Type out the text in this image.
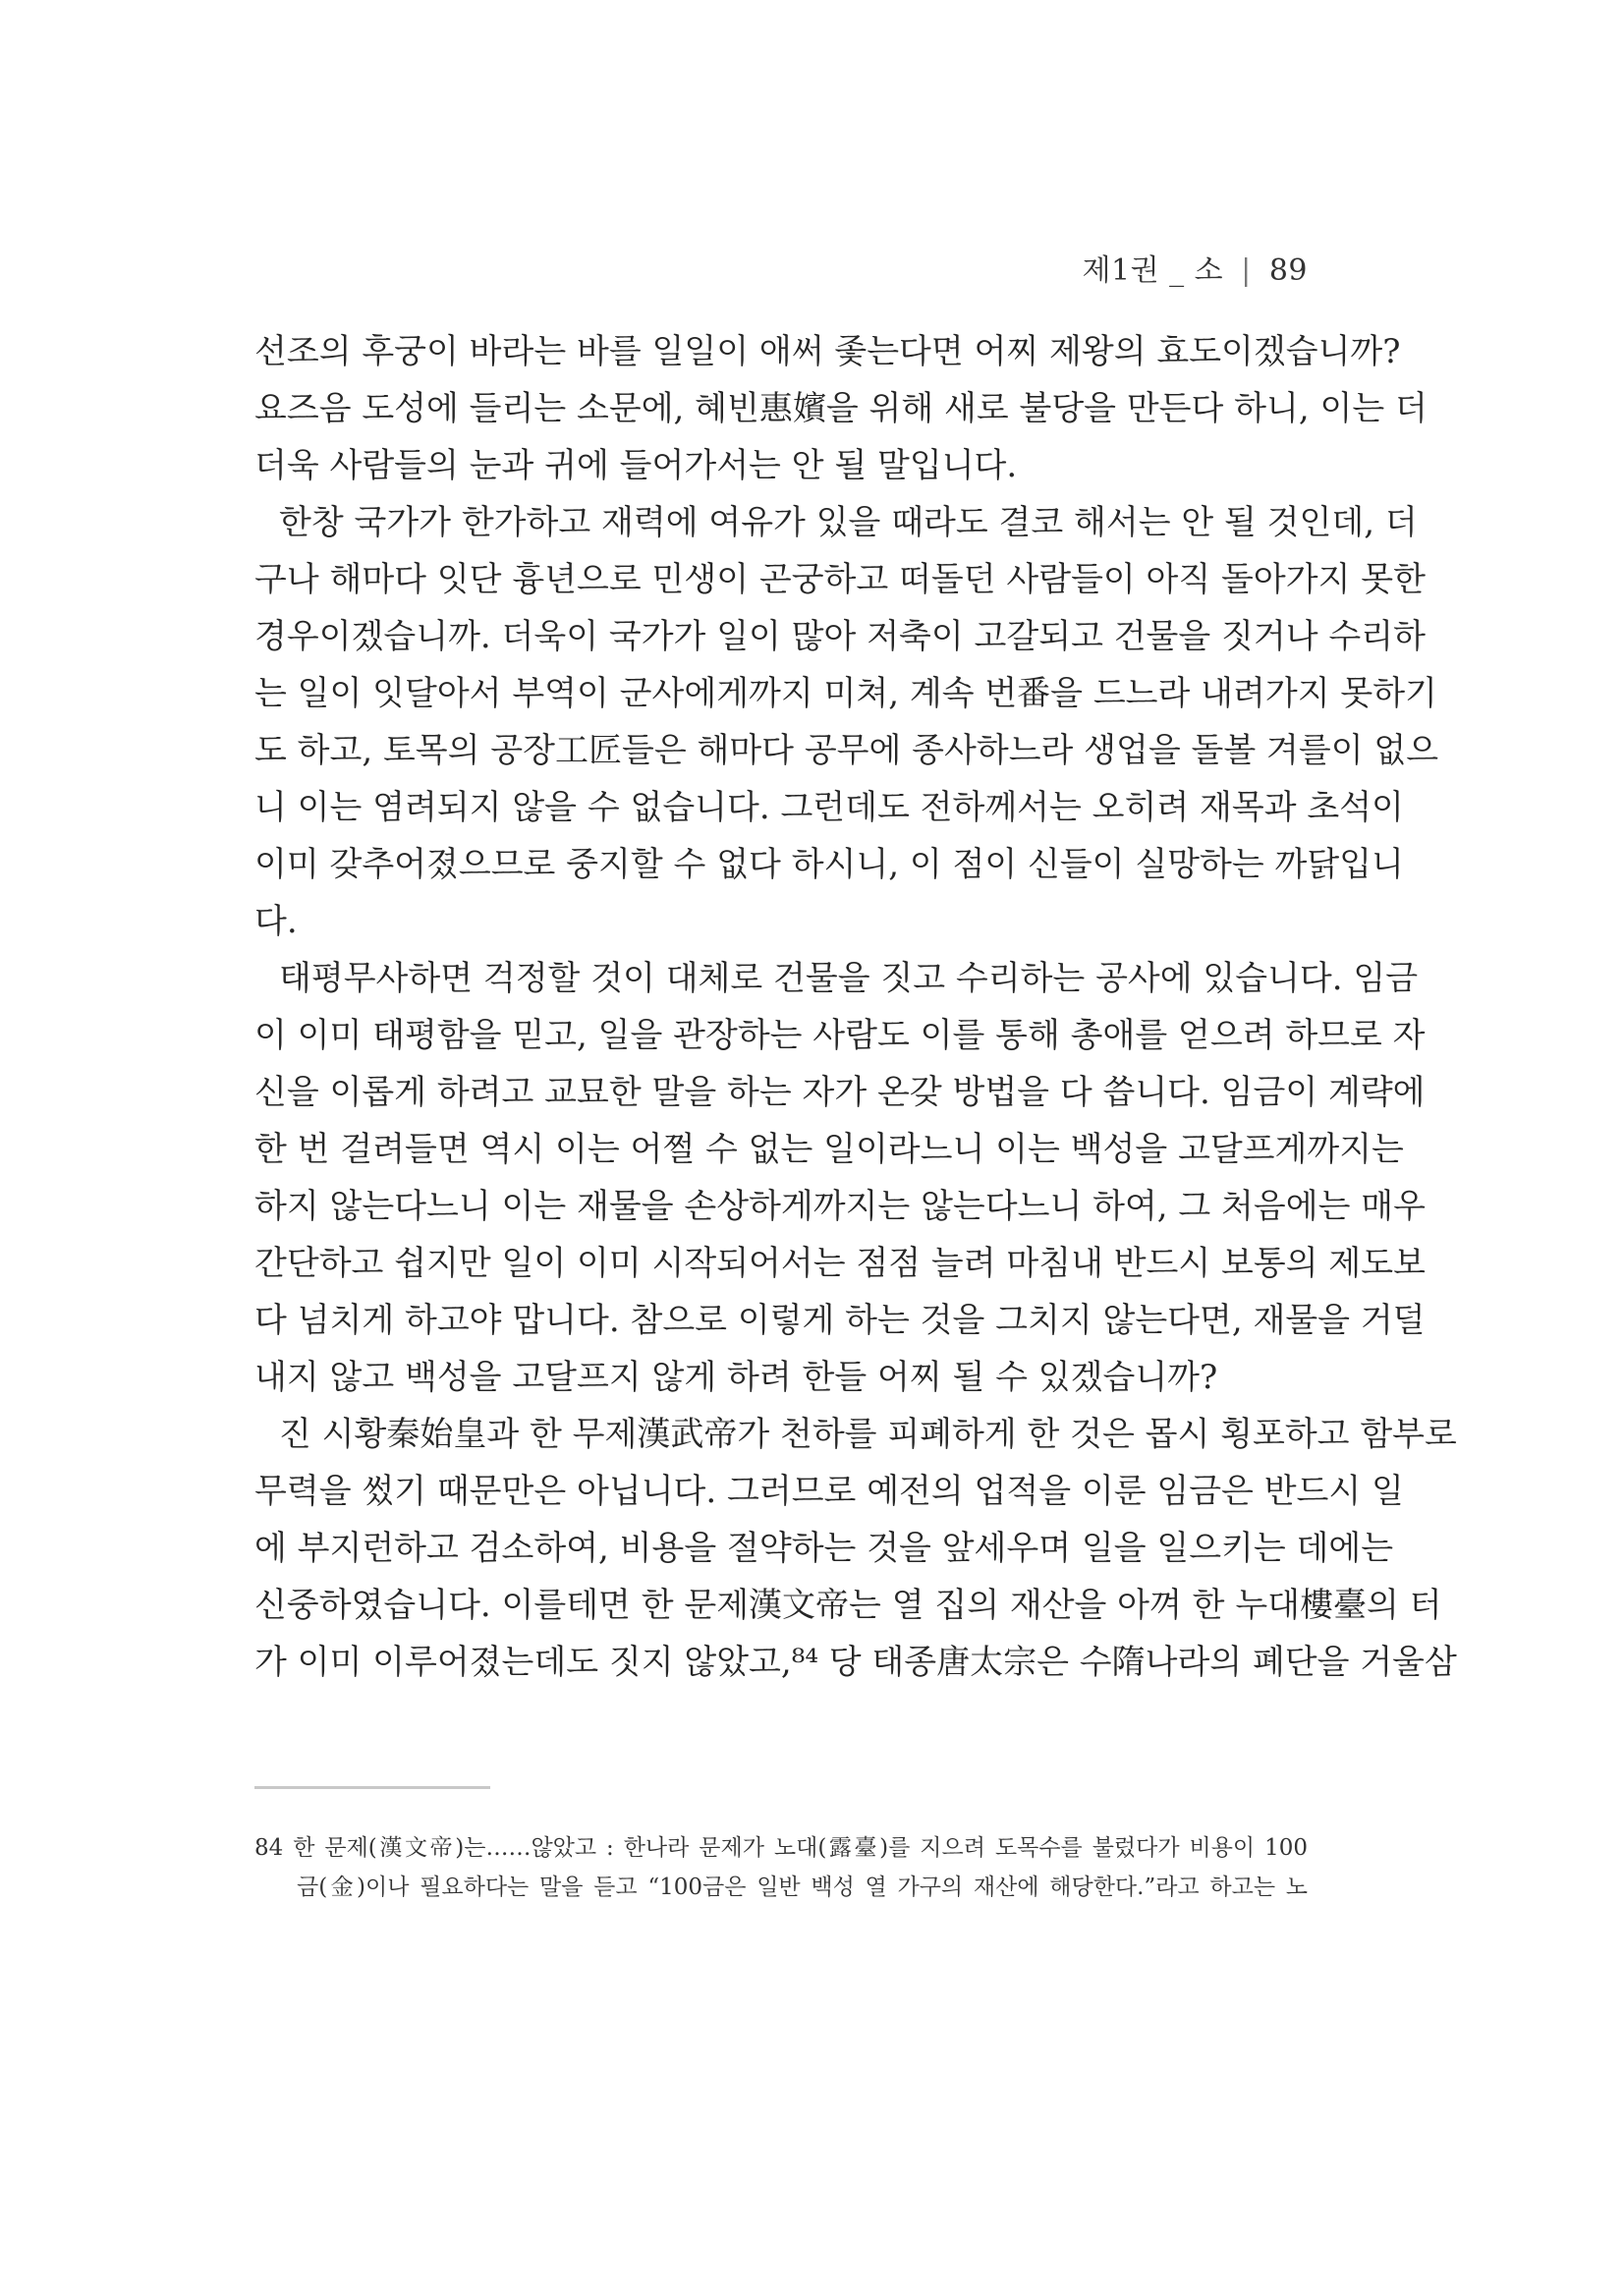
제1권 _ 소 | 89
선조의 후궁이 바라는 바를 일일이 애써 좇는다면 어찌 제왕의 효도이겠습니까?
요즈음 도성에 들리는 소문에, 혜빈惠嬪을 위해 새로 불당을 만든다 하니, 이는 더
더욱 사람들의 눈과 귀에 들어가서는 안 될 말입니다.
한창 국가가 한가하고 재력에 여유가 있을 때라도 결코 해서는 안 될 것인데, 더
구나 해마다 잇단 흉년으로 민생이 곤궁하고 떠돌던 사람들이 아직 돌아가지 못한
경우이겠습니까. 더욱이 국가가 일이 많아 저축이 고갈되고 건물을 짓거나 수리하
는 일이 잇달아서 부역이 군사에게까지 미쳐, 계속 번番을 드느라 내려가지 못하기
도 하고, 토목의 공장工匠들은 해마다 공무에 종사하느라 생업을 돌볼 겨를이 없으
니 이는 염려되지 않을 수 없습니다. 그런데도 전하께서는 오히려 재목과 초석이
이미 갖추어졌으므로 중지할 수 없다 하시니, 이 점이 신들이 실망하는 까닭입니
다.
태평무사하면 걱정할 것이 대체로 건물을 짓고 수리하는 공사에 있습니다. 임금
이 이미 태평함을 믿고, 일을 관장하는 사람도 이를 통해 총애를 얻으려 하므로 자
신을 이롭게 하려고 교묘한 말을 하는 자가 온갖 방법을 다 씁니다. 임금이 계략에
한 번 걸려들면 역시 이는 어쩔 수 없는 일이라느니 이는 백성을 고달프게까지는
하지 않는다느니 이는 재물을 손상하게까지는 않는다느니 하여, 그 처음에는 매우
간단하고 쉽지만 일이 이미 시작되어서는 점점 늘려 마침내 반드시 보통의 제도보
다 넘치게 하고야 맙니다. 참으로 이렇게 하는 것을 그치지 않는다면, 재물을 거덜
내지 않고 백성을 고달프지 않게 하려 한들 어찌 될 수 있겠습니까?
진 시황秦始皇과 한 무제漢武帝가 천하를 피폐하게 한 것은 몹시 횡포하고 함부로
무력을 썼기 때문만은 아닙니다. 그러므로 예전의 업적을 이룬 임금은 반드시 일
에 부지런하고 검소하여, 비용을 절약하는 것을 앞세우며 일을 일으키는 데에는
신중하였습니다. 이를테면 한 문제漢文帝는 열 집의 재산을 아껴 한 누대樓臺의 터
가 이미 이루어졌는데도 짓지 않았고,⁸⁴ 당 태종唐太宗은 수隋나라의 폐단을 거울삼
84 한 문제(漢文帝)는……않았고 : 한나라 문제가 노대(露臺)를 지으려 도목수를 불렀다가 비용이 100
금(金)이나 필요하다는 말을 듣고 “100금은 일반 백성 열 가구의 재산에 해당한다.”라고 하고는 노
